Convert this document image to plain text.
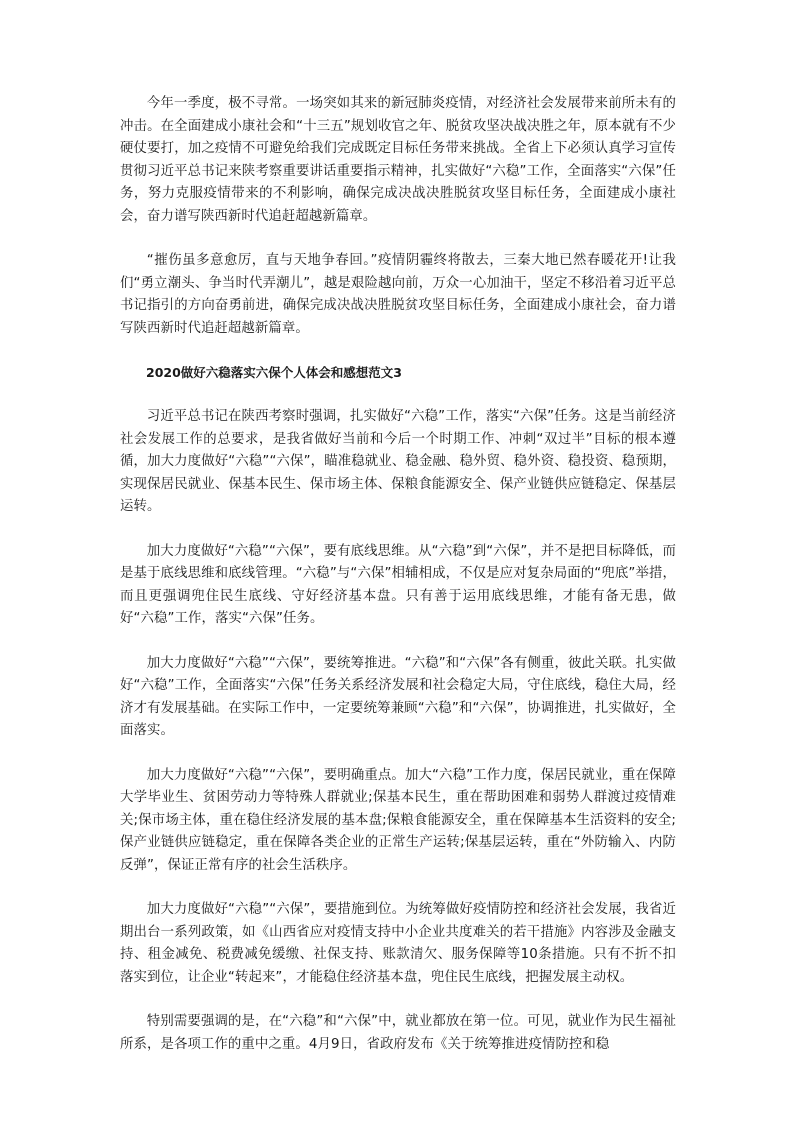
今年一季度，极不寻常。一场突如其来的新冠肺炎疫情，对经济社会发展带来前所未有的冲击。在全面建成小康社会和“十三五”规划收官之年、脱贫攻坚决战决胜之年，原本就有不少硬仗要打，加之疫情不可避免给我们完成既定目标任务带来挑战。全省上下必须认真学习宣传贯彻习近平总书记来陕考察重要讲话重要指示精神，扎实做好“六稳”工作，全面落实“六保”任务，努力克服疫情带来的不利影响，确保完成决战决胜脱贫攻坚目标任务，全面建成小康社会，奋力谱写陕西新时代追赶超越新篇章。

“摧伤虽多意愈厉，直与天地争春回。”疫情阴霾终将散去，三秦大地已然春暖花开!让我们“勇立潮头、争当时代弄潮儿”，越是艰险越向前，万众一心加油干，坚定不移沿着习近平总书记指引的方向奋勇前进，确保完成决战决胜脱贫攻坚目标任务，全面建成小康社会，奋力谱写陕西新时代追赶超越新篇章。

2020做好六稳落实六保个人体会和感想范文3

习近平总书记在陕西考察时强调，扎实做好“六稳”工作，落实“六保”任务。这是当前经济社会发展工作的总要求，是我省做好当前和今后一个时期工作、冲刺“双过半”目标的根本遵循，加大力度做好“六稳”“六保”，瞄准稳就业、稳金融、稳外贸、稳外资、稳投资、稳预期，实现保居民就业、保基本民生、保市场主体、保粮食能源安全、保产业链供应链稳定、保基层运转。

加大力度做好“六稳”“六保”，要有底线思维。从“六稳”到“六保”，并不是把目标降低，而是基于底线思维和底线管理。“六稳”与“六保”相辅相成，不仅是应对复杂局面的“兜底”举措，而且更强调兜住民生底线、守好经济基本盘。只有善于运用底线思维，才能有备无患，做好“六稳”工作，落实“六保”任务。

加大力度做好“六稳”“六保”，要统筹推进。“六稳”和“六保”各有侧重，彼此关联。扎实做好“六稳”工作，全面落实“六保”任务关系经济发展和社会稳定大局，守住底线，稳住大局，经济才有发展基础。在实际工作中，一定要统筹兼顾“六稳”和“六保”，协调推进，扎实做好，全面落实。

加大力度做好“六稳”“六保”，要明确重点。加大“六稳”工作力度，保居民就业，重在保障大学毕业生、贫困劳动力等特殊人群就业;保基本民生，重在帮助困难和弱势人群渡过疫情难关;保市场主体，重在稳住经济发展的基本盘;保粮食能源安全，重在保障基本生活资料的安全;保产业链供应链稳定，重在保障各类企业的正常生产运转;保基层运转，重在“外防输入、内防反弹”，保证正常有序的社会生活秩序。

加大力度做好“六稳”“六保”，要措施到位。为统筹做好疫情防控和经济社会发展，我省近期出台一系列政策，如《山西省应对疫情支持中小企业共度难关的若干措施》内容涉及金融支持、租金减免、税费减免缓缴、社保支持、账款清欠、服务保障等10条措施。只有不折不扣落实到位，让企业“转起来”，才能稳住经济基本盘，兜住民生底线，把握发展主动权。

特别需要强调的是，在“六稳”和“六保”中，就业都放在第一位。可见，就业作为民生福祉所系，是各项工作的重中之重。4月9日，省政府发布《关于统筹推进疫情防控和稳
